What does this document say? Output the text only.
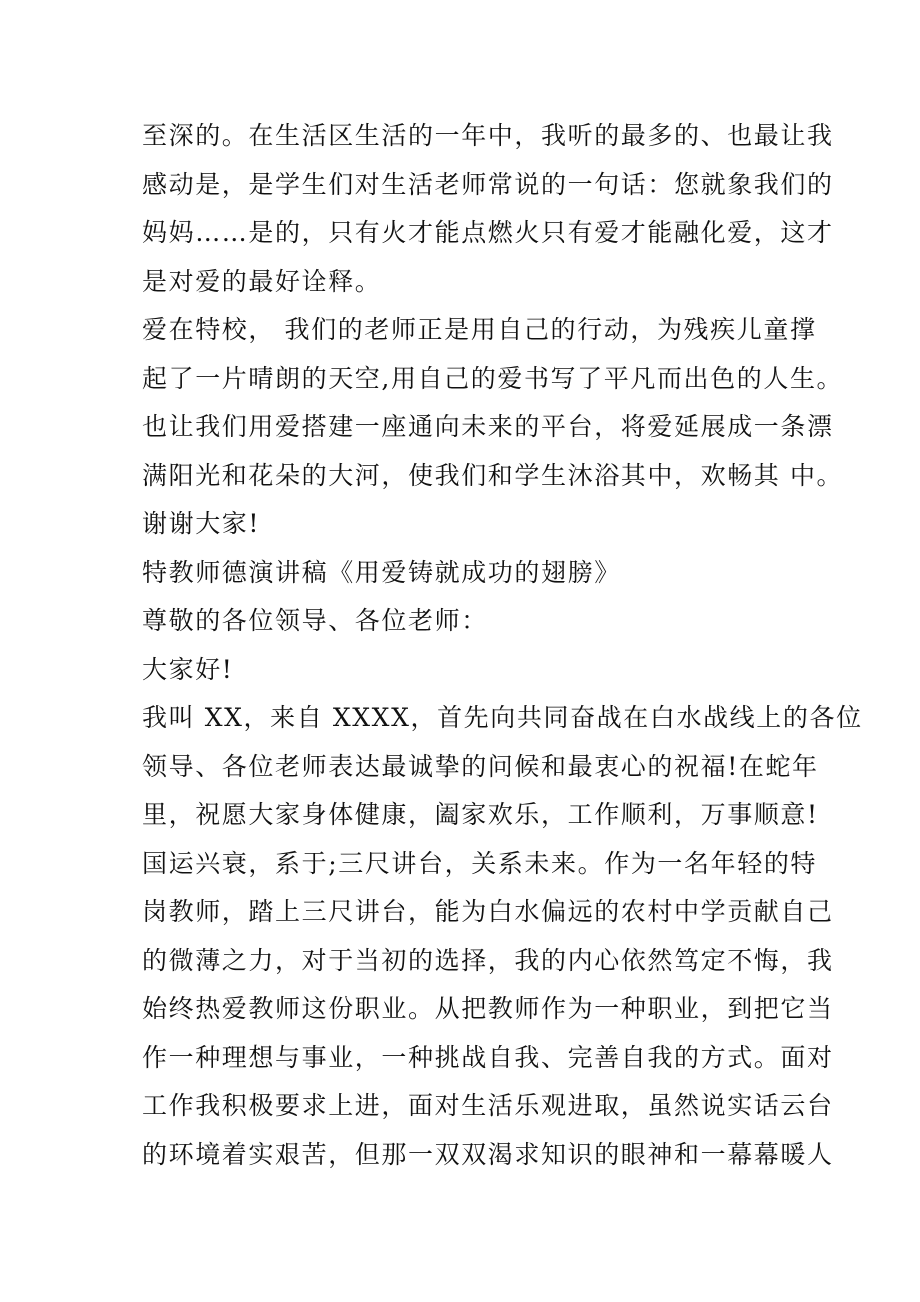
至深的。在生活区生活的一年中，我听的最多的、也最让我
感动是，是学生们对生活老师常说的一句话：您就象我们的
妈妈……是的，只有火才能点燃火只有爱才能融化爱，这才
是对爱的最好诠释。
爱在特校， 我们的老师正是用自己的行动，为残疾儿童撑
起了一片晴朗的天空,用自己的爱书写了平凡而出色的人生。
也让我们用爱搭建一座通向未来的平台，将爱延展成一条漂
满阳光和花朵的大河，使我们和学生沐浴其中，欢畅其 中。
谢谢大家!
特教师德演讲稿《用爱铸就成功的翅膀》
尊敬的各位领导、各位老师：
大家好!
我叫 XX，来自 XXXX，首先向共同奋战在白水战线上的各位
领导、各位老师表达最诚挚的问候和最衷心的祝福!在蛇年
里，祝愿大家身体健康，阖家欢乐，工作顺利，万事顺意!
国运兴衰，系于;三尺讲台，关系未来。作为一名年轻的特
岗教师，踏上三尺讲台，能为白水偏远的农村中学贡献自己
的微薄之力，对于当初的选择，我的内心依然笃定不悔，我
始终热爱教师这份职业。从把教师作为一种职业，到把它当
作一种理想与事业，一种挑战自我、完善自我的方式。面对
工作我积极要求上进，面对生活乐观进取，虽然说实话云台
的环境着实艰苦，但那一双双渴求知识的眼神和一幕幕暖人
